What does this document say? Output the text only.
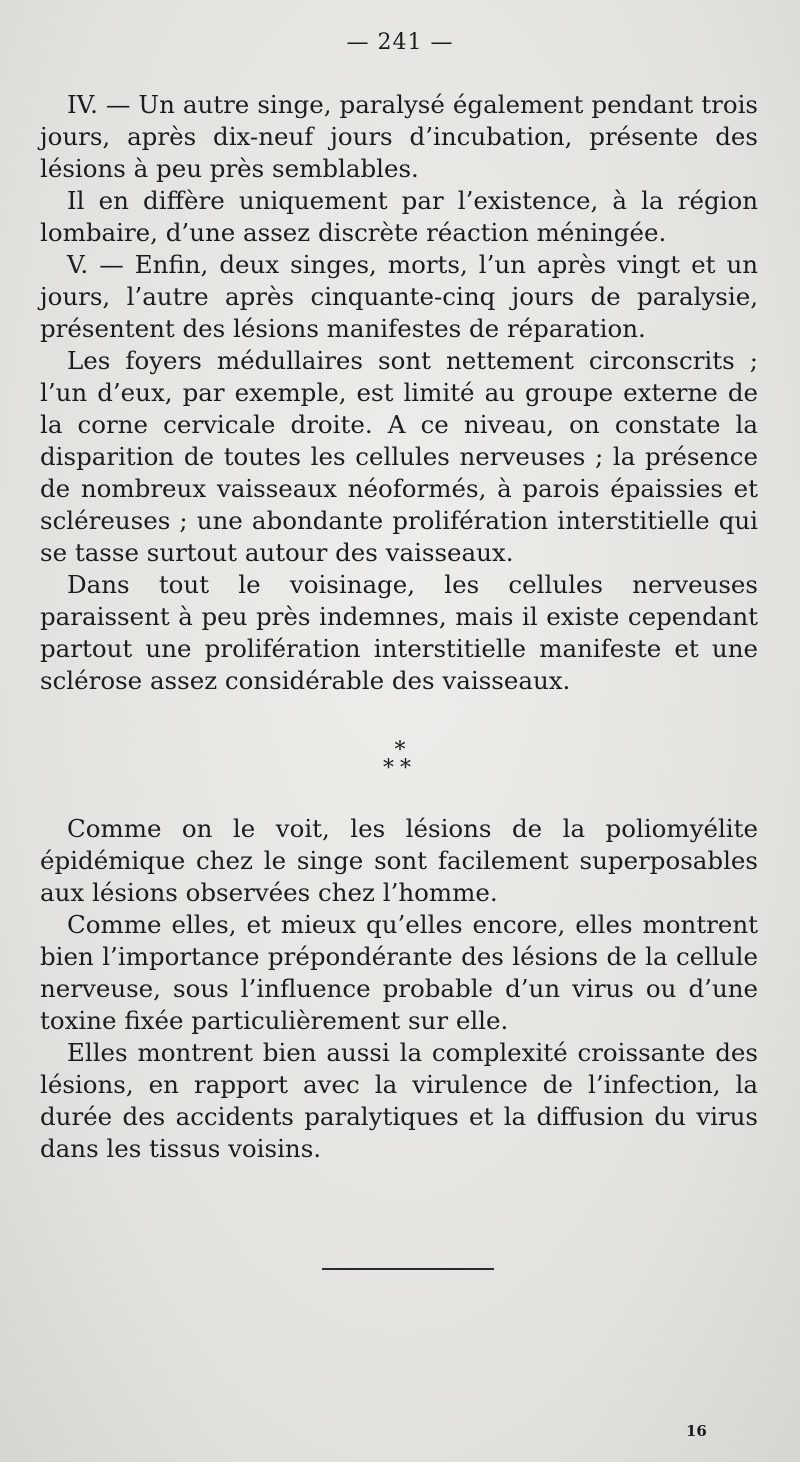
— 241 —

IV. — Un autre singe, paralysé également pendant trois jours, après dix-neuf jours d’incubation, présente des lésions à peu près semblables.

Il en diffère uniquement par l’existence, à la région lombaire, d’une assez discrète réaction méningée.

V. — Enfin, deux singes, morts, l’un après vingt et un jours, l’autre après cinquante-cinq jours de paralysie, présentent des lésions manifestes de réparation.

Les foyers médullaires sont nettement circonscrits ; l’un d’eux, par exemple, est limité au groupe externe de la corne cervicale droite. A ce niveau, on constate la disparition de toutes les cellules nerveuses ; la présence de nombreux vaisseaux néoformés, à parois épaissies et scléreuses ; une abondante prolifération interstitielle qui se tasse surtout autour des vaisseaux.

Dans tout le voisinage, les cellules nerveuses paraissent à peu près indemnes, mais il existe cependant partout une prolifération interstitielle manifeste et une sclérose assez considérable des vaisseaux.

*
**

Comme on le voit, les lésions de la poliomyélite épidémique chez le singe sont facilement superposables aux lésions observées chez l’homme.

Comme elles, et mieux qu’elles encore, elles montrent bien l’importance prépondérante des lésions de la cellule nerveuse, sous l’influence probable d’un virus ou d’une toxine fixée particulièrement sur elle.

Elles montrent bien aussi la complexité croissante des lésions, en rapport avec la virulence de l’infection, la durée des accidents paralytiques et la diffusion du virus dans les tissus voisins.

16
